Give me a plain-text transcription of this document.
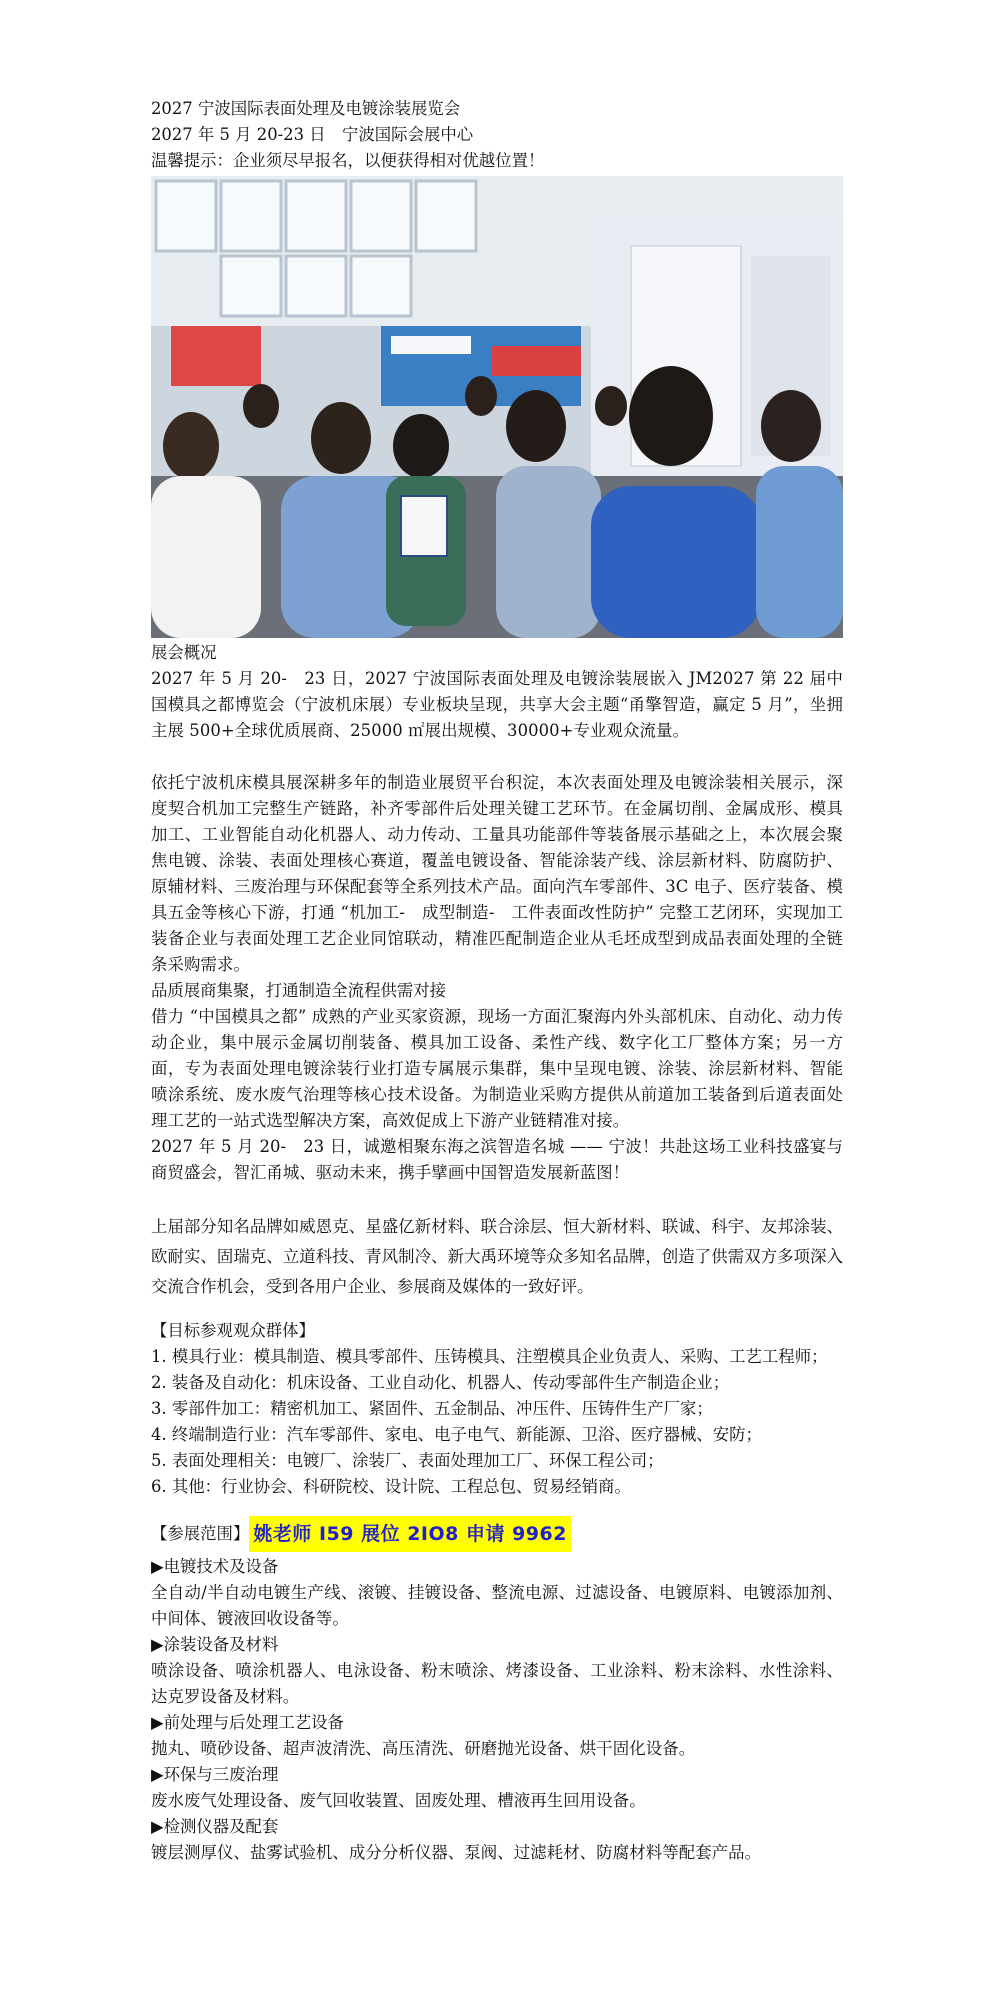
2027 宁波国际表面处理及电镀涂装展览会

2027 年 5 月 20-23 日　宁波国际会展中心

温馨提示：企业须尽早报名，以便获得相对优越位置！

展会概况

2027 年 5 月 20-　23 日，2027 宁波国际表面处理及电镀涂装展嵌入 JM2027 第 22 届中国模具之都博览会（宁波机床展）专业板块呈现，共享大会主题“甬擎智造，赢定 5 月”，坐拥主展 500+全球优质展商、25000 ㎡展出规模、30000+专业观众流量。

依托宁波机床模具展深耕多年的制造业展贸平台积淀，本次表面处理及电镀涂装相关展示，深度契合机加工完整生产链路，补齐零部件后处理关键工艺环节。在金属切削、金属成形、模具加工、工业智能自动化机器人、动力传动、工量具功能部件等装备展示基础之上，本次展会聚焦电镀、涂装、表面处理核心赛道，覆盖电镀设备、智能涂装产线、涂层新材料、防腐防护、原辅材料、三废治理与环保配套等全系列技术产品。面向汽车零部件、3C 电子、医疗装备、模具五金等核心下游，打通 “机加工-　成型制造-　工件表面改性防护” 完整工艺闭环，实现加工装备企业与表面处理工艺企业同馆联动，精准匹配制造企业从毛坯成型到成品表面处理的全链条采购需求。

品质展商集聚，打通制造全流程供需对接

借力 “中国模具之都” 成熟的产业买家资源，现场一方面汇聚海内外头部机床、自动化、动力传动企业，集中展示金属切削装备、模具加工设备、柔性产线、数字化工厂整体方案；另一方面，专为表面处理电镀涂装行业打造专属展示集群，集中呈现电镀、涂装、涂层新材料、智能喷涂系统、废水废气治理等核心技术设备。为制造业采购方提供从前道加工装备到后道表面处理工艺的一站式选型解决方案，高效促成上下游产业链精准对接。

2027 年 5 月 20-　23 日，诚邀相聚东海之滨智造名城 —— 宁波！共赴这场工业科技盛宴与商贸盛会，智汇甬城、驱动未来，携手擘画中国智造发展新蓝图！

上届部分知名品牌如威恩克、星盛亿新材料、联合涂层、恒大新材料、联诚、科宇、友邦涂装、欧耐实、固瑞克、立道科技、青风制冷、新大禹环境等众多知名品牌，创造了供需双方多项深入交流合作机会，受到各用户企业、参展商及媒体的一致好评。

【目标参观观众群体】

1. 模具行业：模具制造、模具零部件、压铸模具、注塑模具企业负责人、采购、工艺工程师；

2. 装备及自动化：机床设备、工业自动化、机器人、传动零部件生产制造企业；

3. 零部件加工：精密机加工、紧固件、五金制品、冲压件、压铸件生产厂家；

4. 终端制造行业：汽车零部件、家电、电子电气、新能源、卫浴、医疗器械、安防；

5. 表面处理相关：电镀厂、涂装厂、表面处理加工厂、环保工程公司；

6. 其他：行业协会、科研院校、设计院、工程总包、贸易经销商。

【参展范围】 姚老师 I59 展位 2IO8 申请 9962

▶电镀技术及设备

全自动/半自动电镀生产线、滚镀、挂镀设备、整流电源、过滤设备、电镀原料、电镀添加剂、中间体、镀液回收设备等。

▶涂装设备及材料

喷涂设备、喷涂机器人、电泳设备、粉末喷涂、烤漆设备、工业涂料、粉末涂料、水性涂料、达克罗设备及材料。

▶前处理与后处理工艺设备

抛丸、喷砂设备、超声波清洗、高压清洗、研磨抛光设备、烘干固化设备。

▶环保与三废治理

废水废气处理设备、废气回收装置、固废处理、槽液再生回用设备。

▶检测仪器及配套

镀层测厚仪、盐雾试验机、成分分析仪器、泵阀、过滤耗材、防腐材料等配套产品。
